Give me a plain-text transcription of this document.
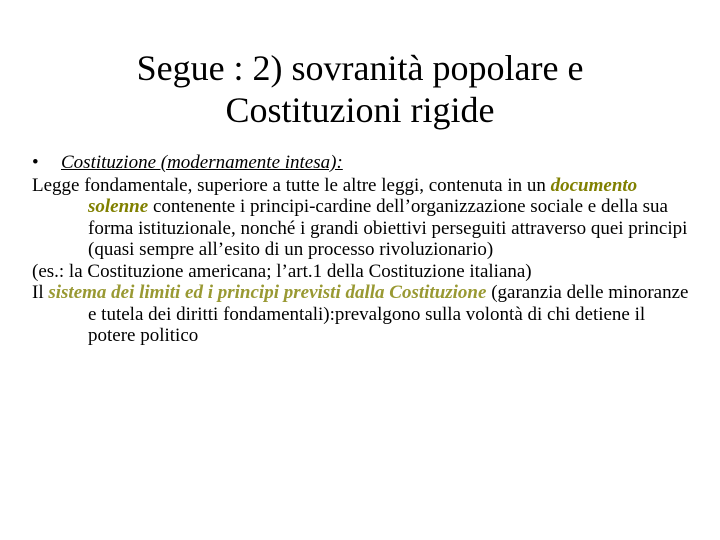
Segue : 2) sovranità popolare e
Costituzioni rigide
• Costituzione (modernamente intesa):
Legge fondamentale, superiore a tutte le altre leggi, contenuta in un documento solenne contenente i principi-cardine dell’organizzazione sociale e della sua forma istituzionale, nonché i grandi obiettivi perseguiti attraverso quei principi (quasi sempre all’esito di un processo rivoluzionario)
(es.: la Costituzione americana; l’art.1 della Costituzione italiana)
Il sistema dei limiti ed i principi previsti dalla Costituzione (garanzia delle minoranze e tutela dei diritti fondamentali):prevalgono sulla volontà di chi detiene il potere politico
